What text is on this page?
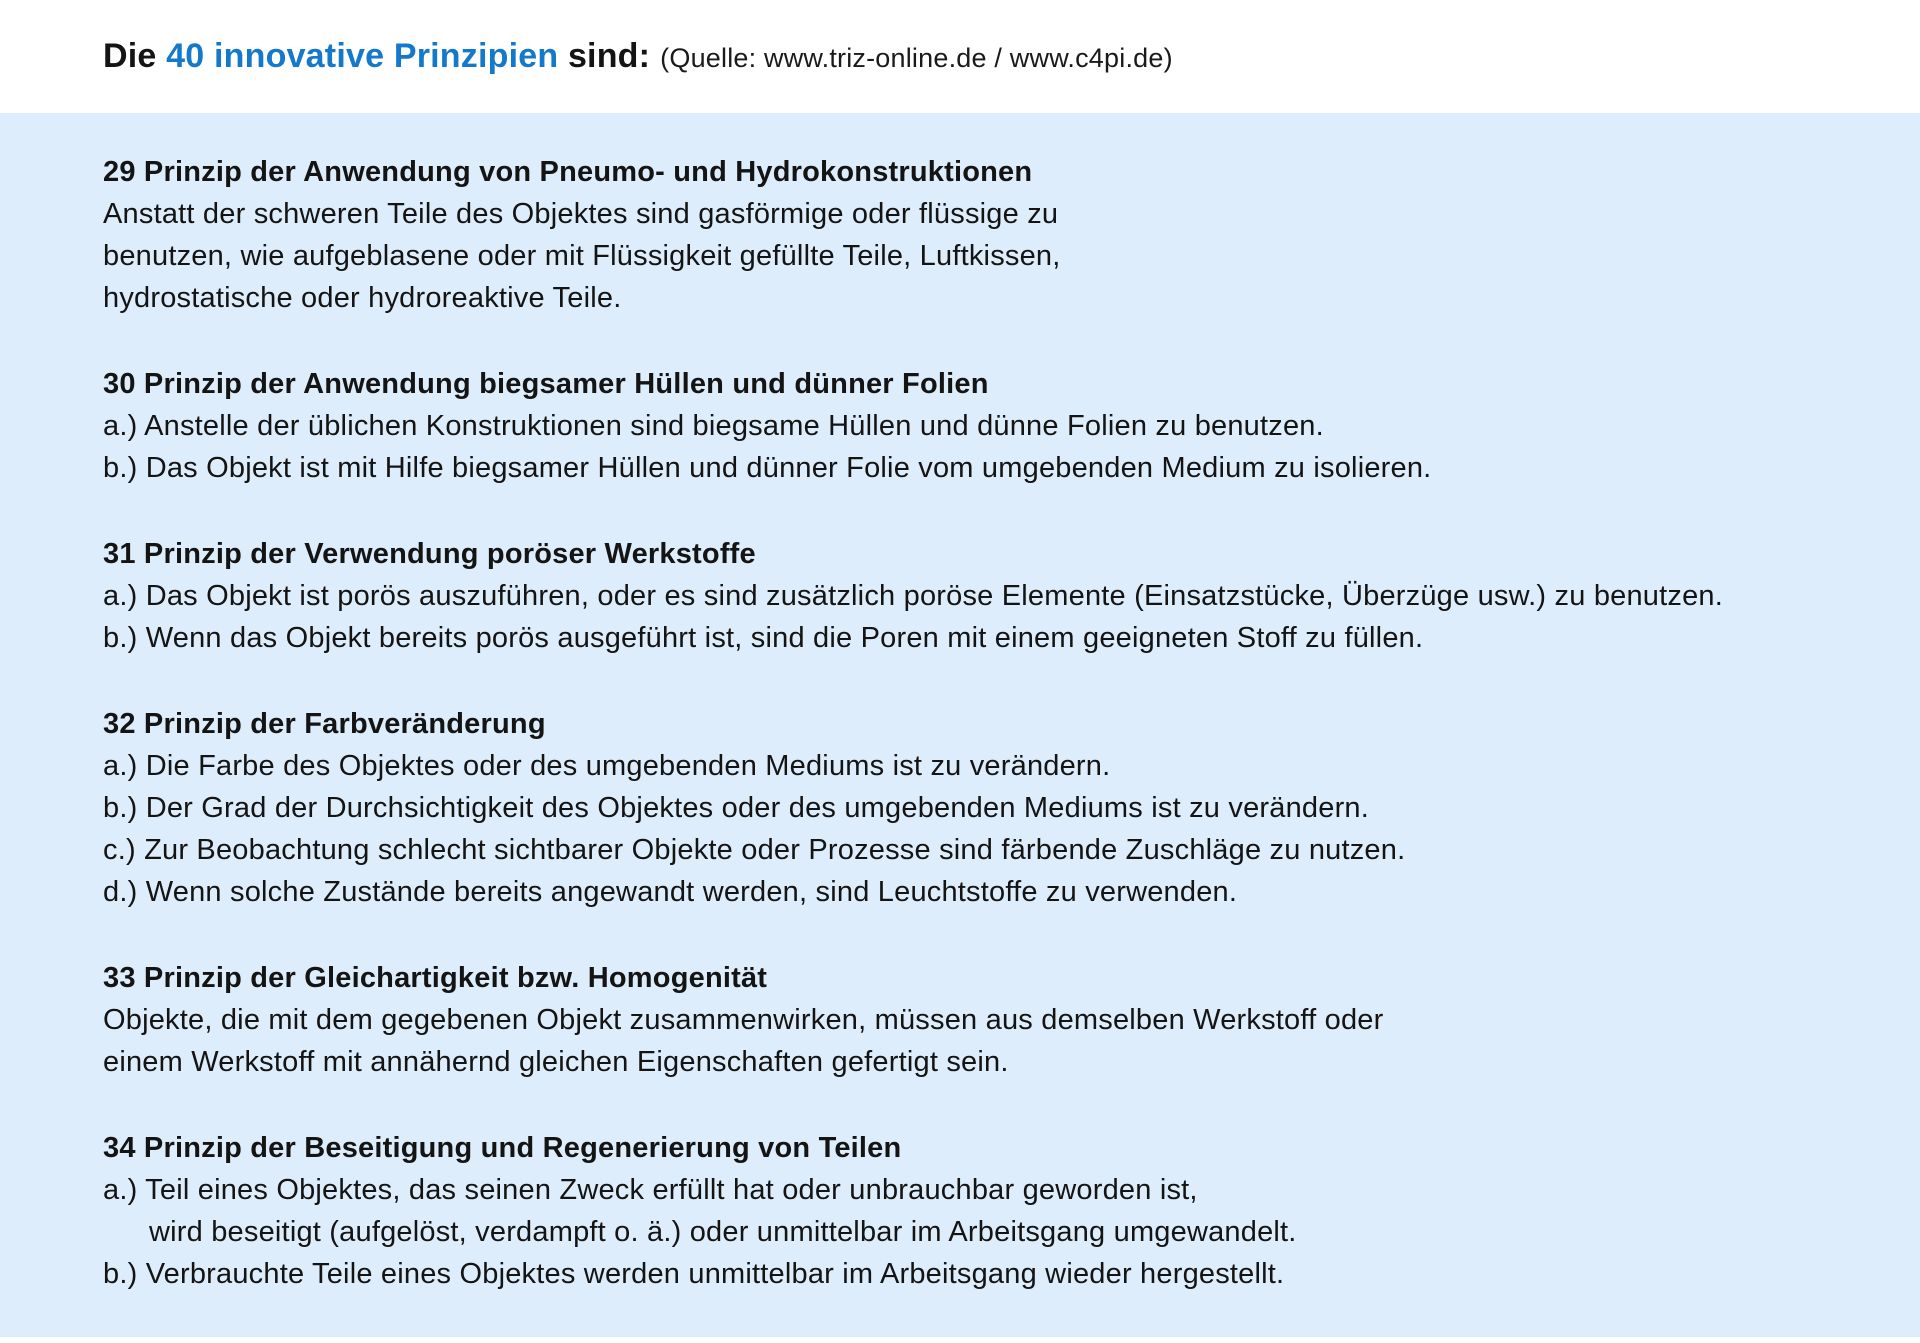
Die 40 innovative Prinzipien sind: (Quelle: www.triz-online.de / www.c4pi.de)
29 Prinzip der Anwendung von Pneumo- und Hydrokonstruktionen
Anstatt der schweren Teile des Objektes sind gasförmige oder flüssige zu
benutzen, wie aufgeblasene oder mit Flüssigkeit gefüllte Teile, Luftkissen,
hydrostatische oder hydroreaktive Teile.
30 Prinzip der Anwendung biegsamer Hüllen und dünner Folien
a.) Anstelle der üblichen Konstruktionen sind biegsame Hüllen und dünne Folien zu benutzen.
b.) Das Objekt ist mit Hilfe biegsamer Hüllen und dünner Folie vom umgebenden Medium zu isolieren.
31 Prinzip der Verwendung poröser Werkstoffe
a.) Das Objekt ist porös auszuführen, oder es sind zusätzlich poröse Elemente (Einsatzstücke, Überzüge usw.) zu benutzen.
b.) Wenn das Objekt bereits porös ausgeführt ist, sind die Poren mit einem geeigneten Stoff zu füllen.
32 Prinzip der Farbveränderung
a.) Die Farbe des Objektes oder des umgebenden Mediums ist zu verändern.
b.) Der Grad der Durchsichtigkeit des Objektes oder des umgebenden Mediums ist zu verändern.
c.) Zur Beobachtung schlecht sichtbarer Objekte oder Prozesse sind färbende Zuschläge zu nutzen.
d.) Wenn solche Zustände bereits angewandt werden, sind Leuchtstoffe zu verwenden.
33 Prinzip der Gleichartigkeit bzw. Homogenität
Objekte, die mit dem gegebenen Objekt zusammenwirken, müssen aus demselben Werkstoff oder
einem Werkstoff mit annähernd gleichen Eigenschaften gefertigt sein.
34 Prinzip der Beseitigung und Regenerierung von Teilen
a.) Teil eines Objektes, das seinen Zweck erfüllt hat oder unbrauchbar geworden ist,
wird beseitigt (aufgelöst, verdampft o. ä.) oder unmittelbar im Arbeitsgang umgewandelt.
b.) Verbrauchte Teile eines Objektes werden unmittelbar im Arbeitsgang wieder hergestellt.
